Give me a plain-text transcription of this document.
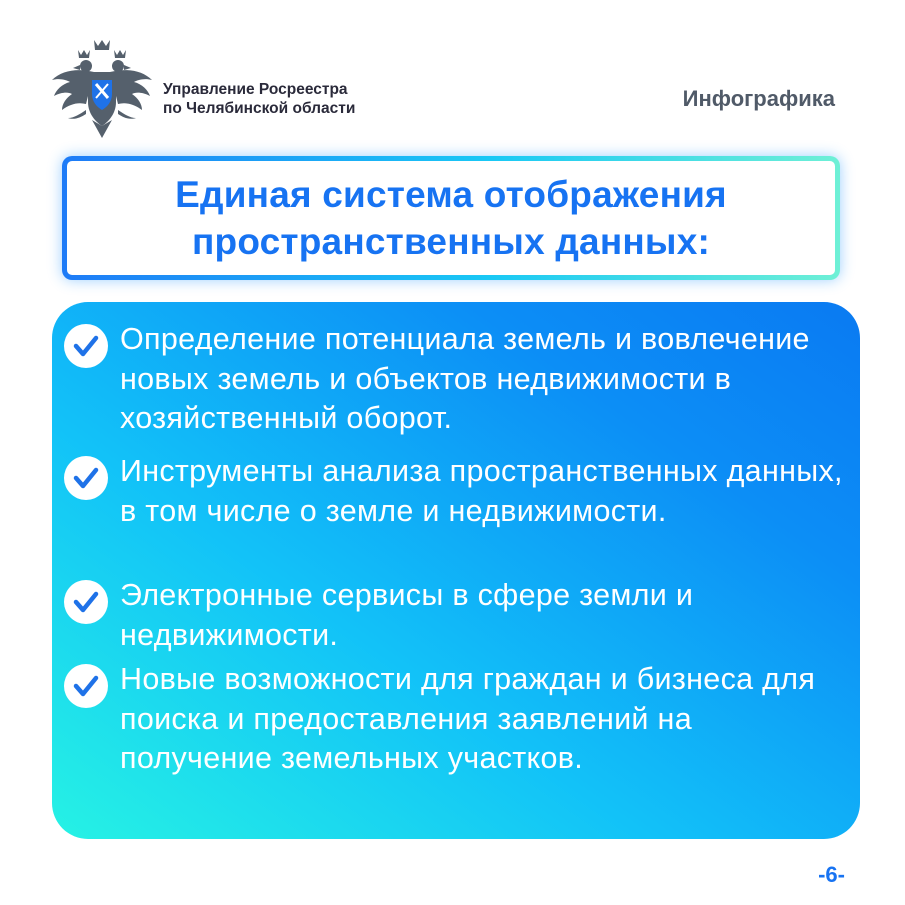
Управление Росреестра
по Челябинской области	Инфографика
Единая система отображения
пространственных данных:
Определение потенциала земель и вовлечение новых земель и объектов недвижимости в хозяйственный оборот.
Инструменты анализа пространственных данных, в том числе о земле и недвижимости.
Электронные сервисы в сфере земли и недвижимости.
Новые возможности для граждан и бизнеса для поиска и предоставления заявлений на получение земельных участков.
-6-
